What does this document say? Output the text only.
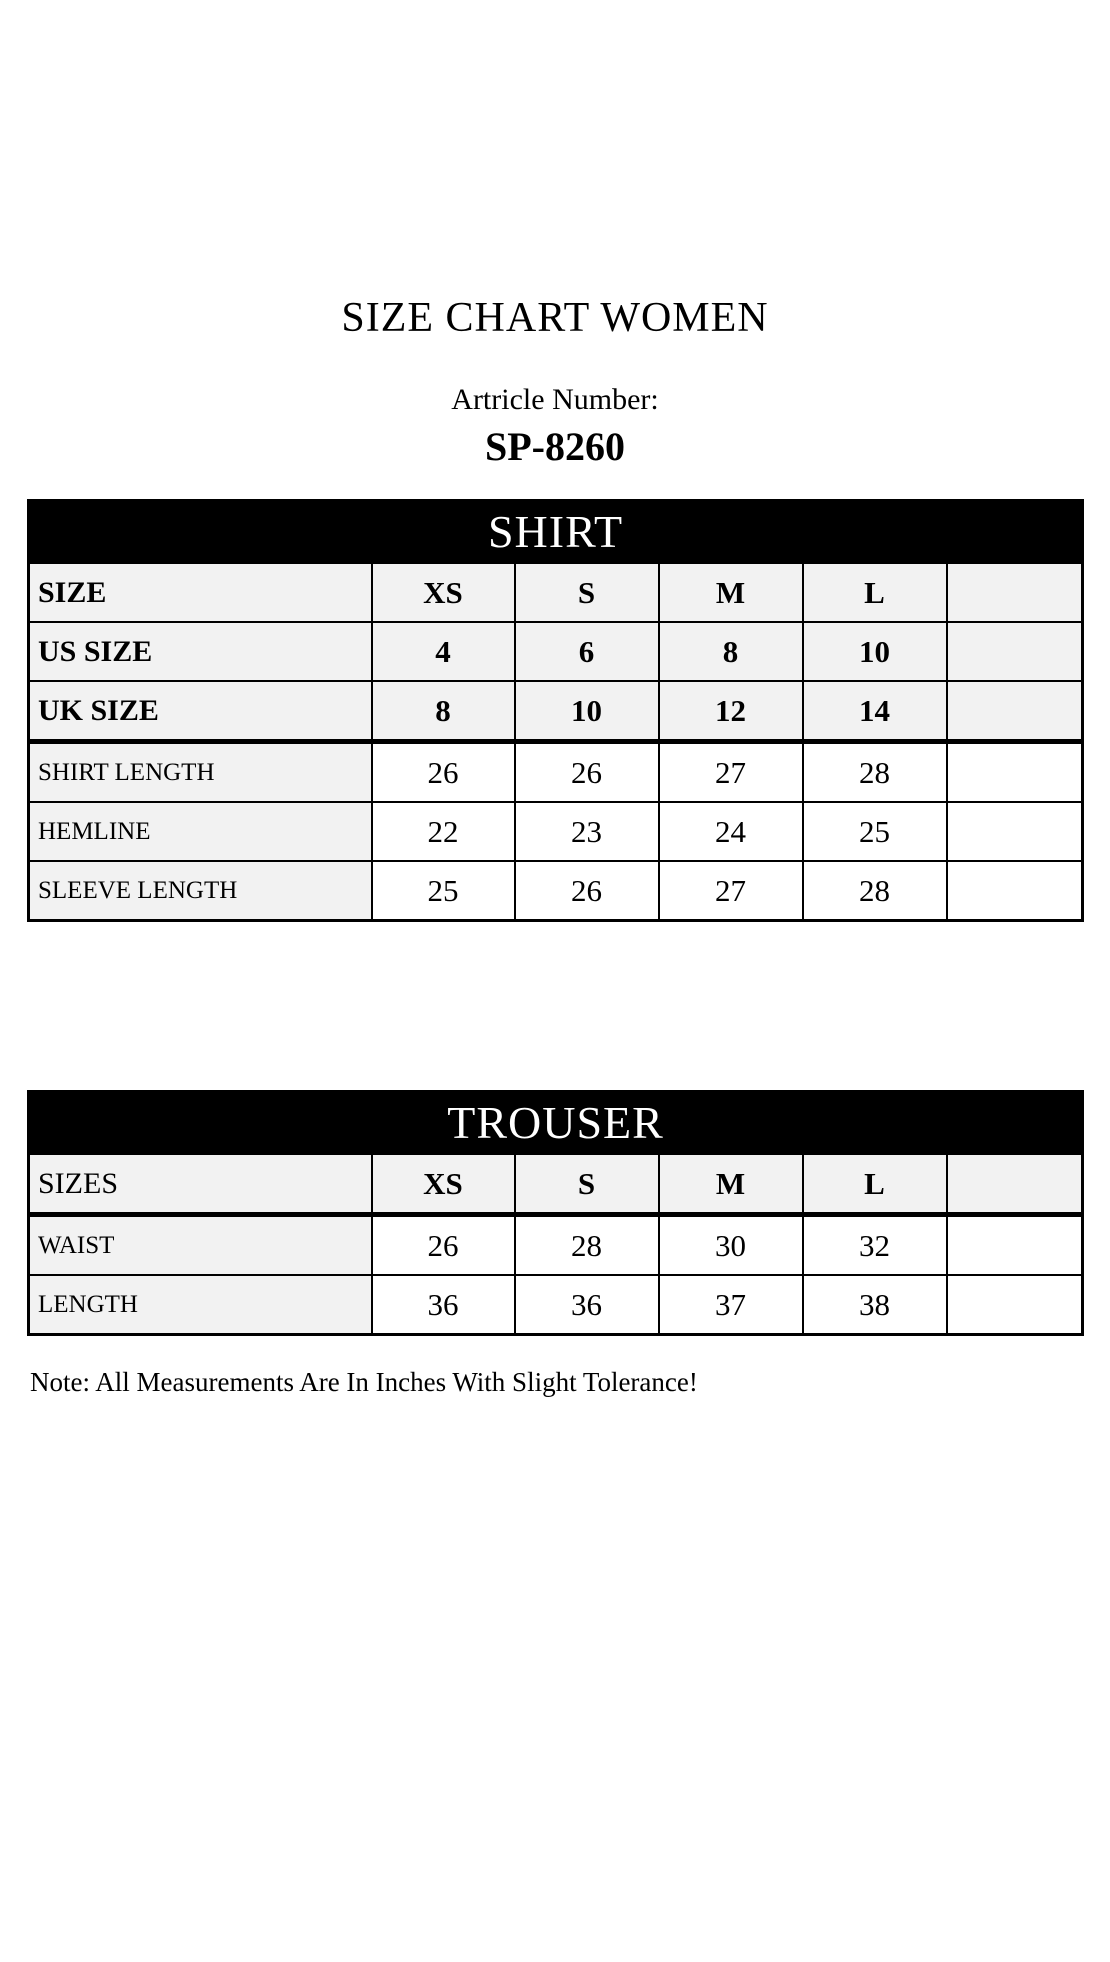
SIZE CHART WOMEN
Artricle Number:
SP-8260
SHIRT					
SIZE	XS	S	M	L	
US SIZE	4	6	8	10	
UK SIZE	8	10	12	14	
SHIRT LENGTH	26	26	27	28	
HEMLINE	22	23	24	25	
SLEEVE LENGTH	25	26	27	28	
TROUSER					
SIZES	XS	S	M	L	
WAIST	26	28	30	32	
LENGTH	36	36	37	38	
Note: All Measurements Are In Inches With Slight Tolerance!
